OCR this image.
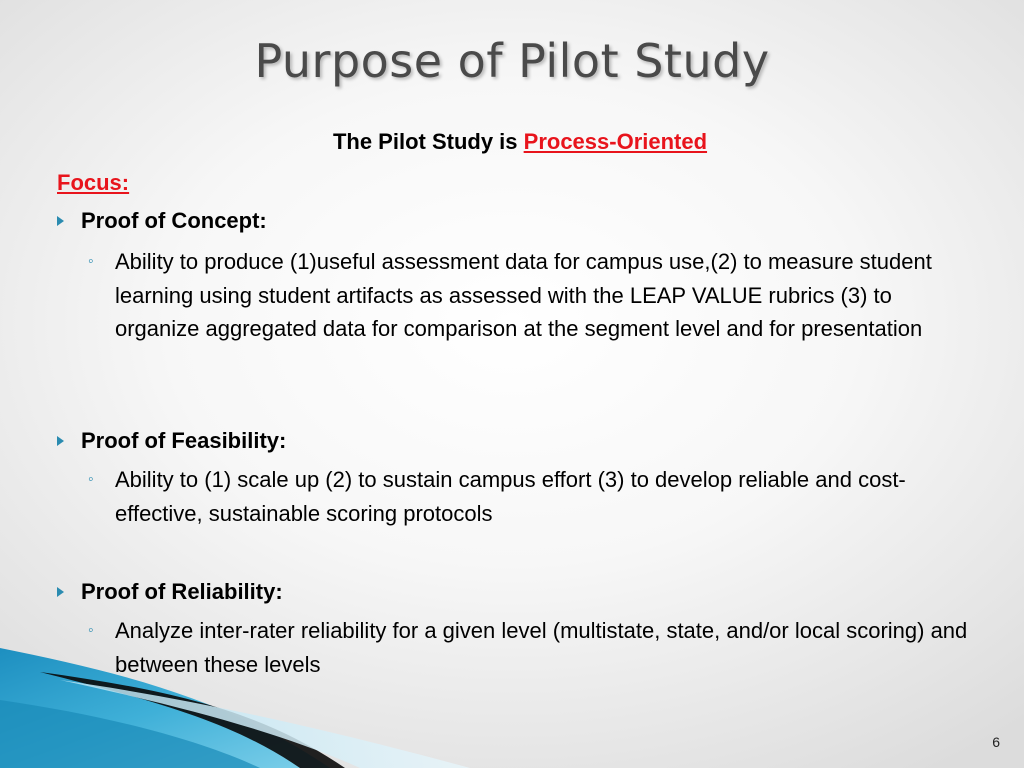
Purpose of Pilot Study
The Pilot Study is Process-Oriented
Focus:
Proof of Concept:
◦ Ability to produce (1)useful assessment data for campus use,(2) to measure student learning using student artifacts as assessed with the LEAP VALUE rubrics (3) to organize aggregated data for comparison at the segment level and for presentation
Proof of Feasibility:
◦ Ability to (1) scale up (2) to sustain campus effort (3) to develop reliable and cost-effective, sustainable scoring protocols
Proof of Reliability:
◦ Analyze inter-rater reliability for a given level (multistate, state, and/or local scoring) and between these levels
6
